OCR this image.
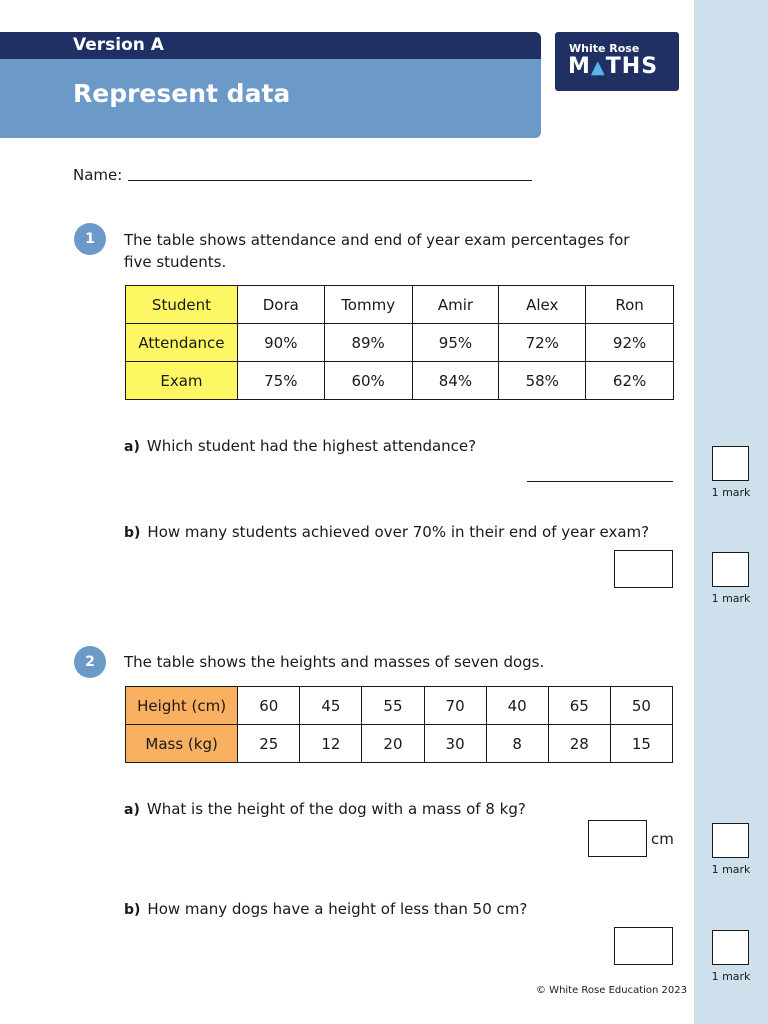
Version A
Represent data
White Rose
M▲THS
Name:
1	The table shows attendance and end of year exam percentages for five students.
Student	Dora	Tommy	Amir	Alex	Ron
Attendance	90%	89%	95%	72%	92%
Exam	75%	60%	84%	58%	62%
a) Which student had the highest attendance?
1 mark
b) How many students achieved over 70% in their end of year exam?
1 mark
2	The table shows the heights and masses of seven dogs.
Height (cm)	60	45	55	70	40	65	50
Mass (kg)	25	12	20	30	8	28	15
a) What is the height of the dog with a mass of 8 kg?
cm
1 mark
b) How many dogs have a height of less than 50 cm?
1 mark
© White Rose Education 2023
